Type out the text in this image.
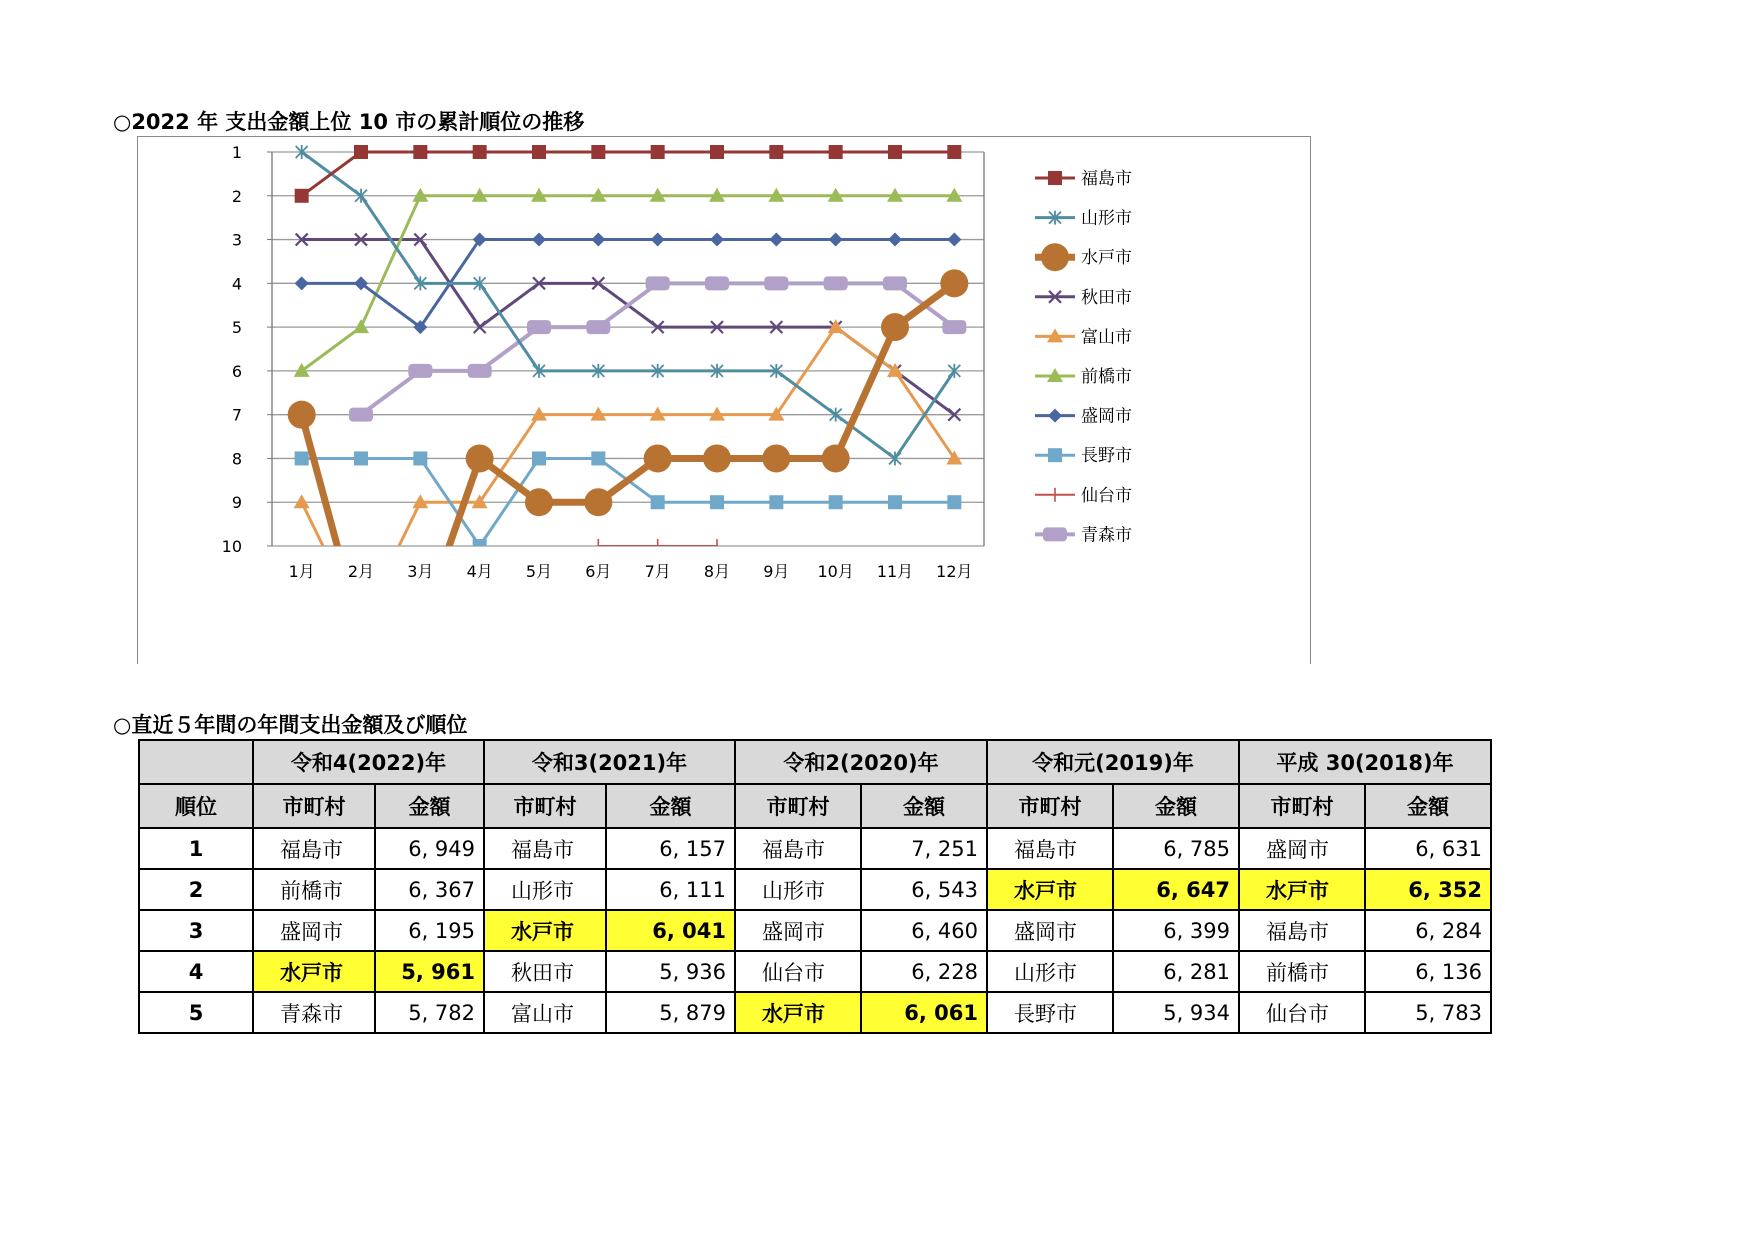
○2022 年 支出金額上位 10 市の累計順位の推移
1
2
3
4
5
6
7
8
9
10
1月 2月 3月 4月 5月 6月 7月 8月 9月 10月 11月 12月
福島市
山形市
水戸市
秋田市
富山市
前橋市
盛岡市
長野市
仙台市
青森市
○直近５年間の年間支出金額及び順位
	令和4(2022)年		令和3(2021)年		令和2(2020)年		令和元(2019)年		平成 30(2018)年	
順位	市町村	金額	市町村	金額	市町村	金額	市町村	金額	市町村	金額
1	福島市	6, 949	福島市	6, 157	福島市	7, 251	福島市	6, 785	盛岡市	6, 631
2	前橋市	6, 367	山形市	6, 111	山形市	6, 543	水戸市	6, 647	水戸市	6, 352
3	盛岡市	6, 195	水戸市	6, 041	盛岡市	6, 460	盛岡市	6, 399	福島市	6, 284
4	水戸市	5, 961	秋田市	5, 936	仙台市	6, 228	山形市	6, 281	前橋市	6, 136
5	青森市	5, 782	富山市	5, 879	水戸市	6, 061	長野市	5, 934	仙台市	5, 783
